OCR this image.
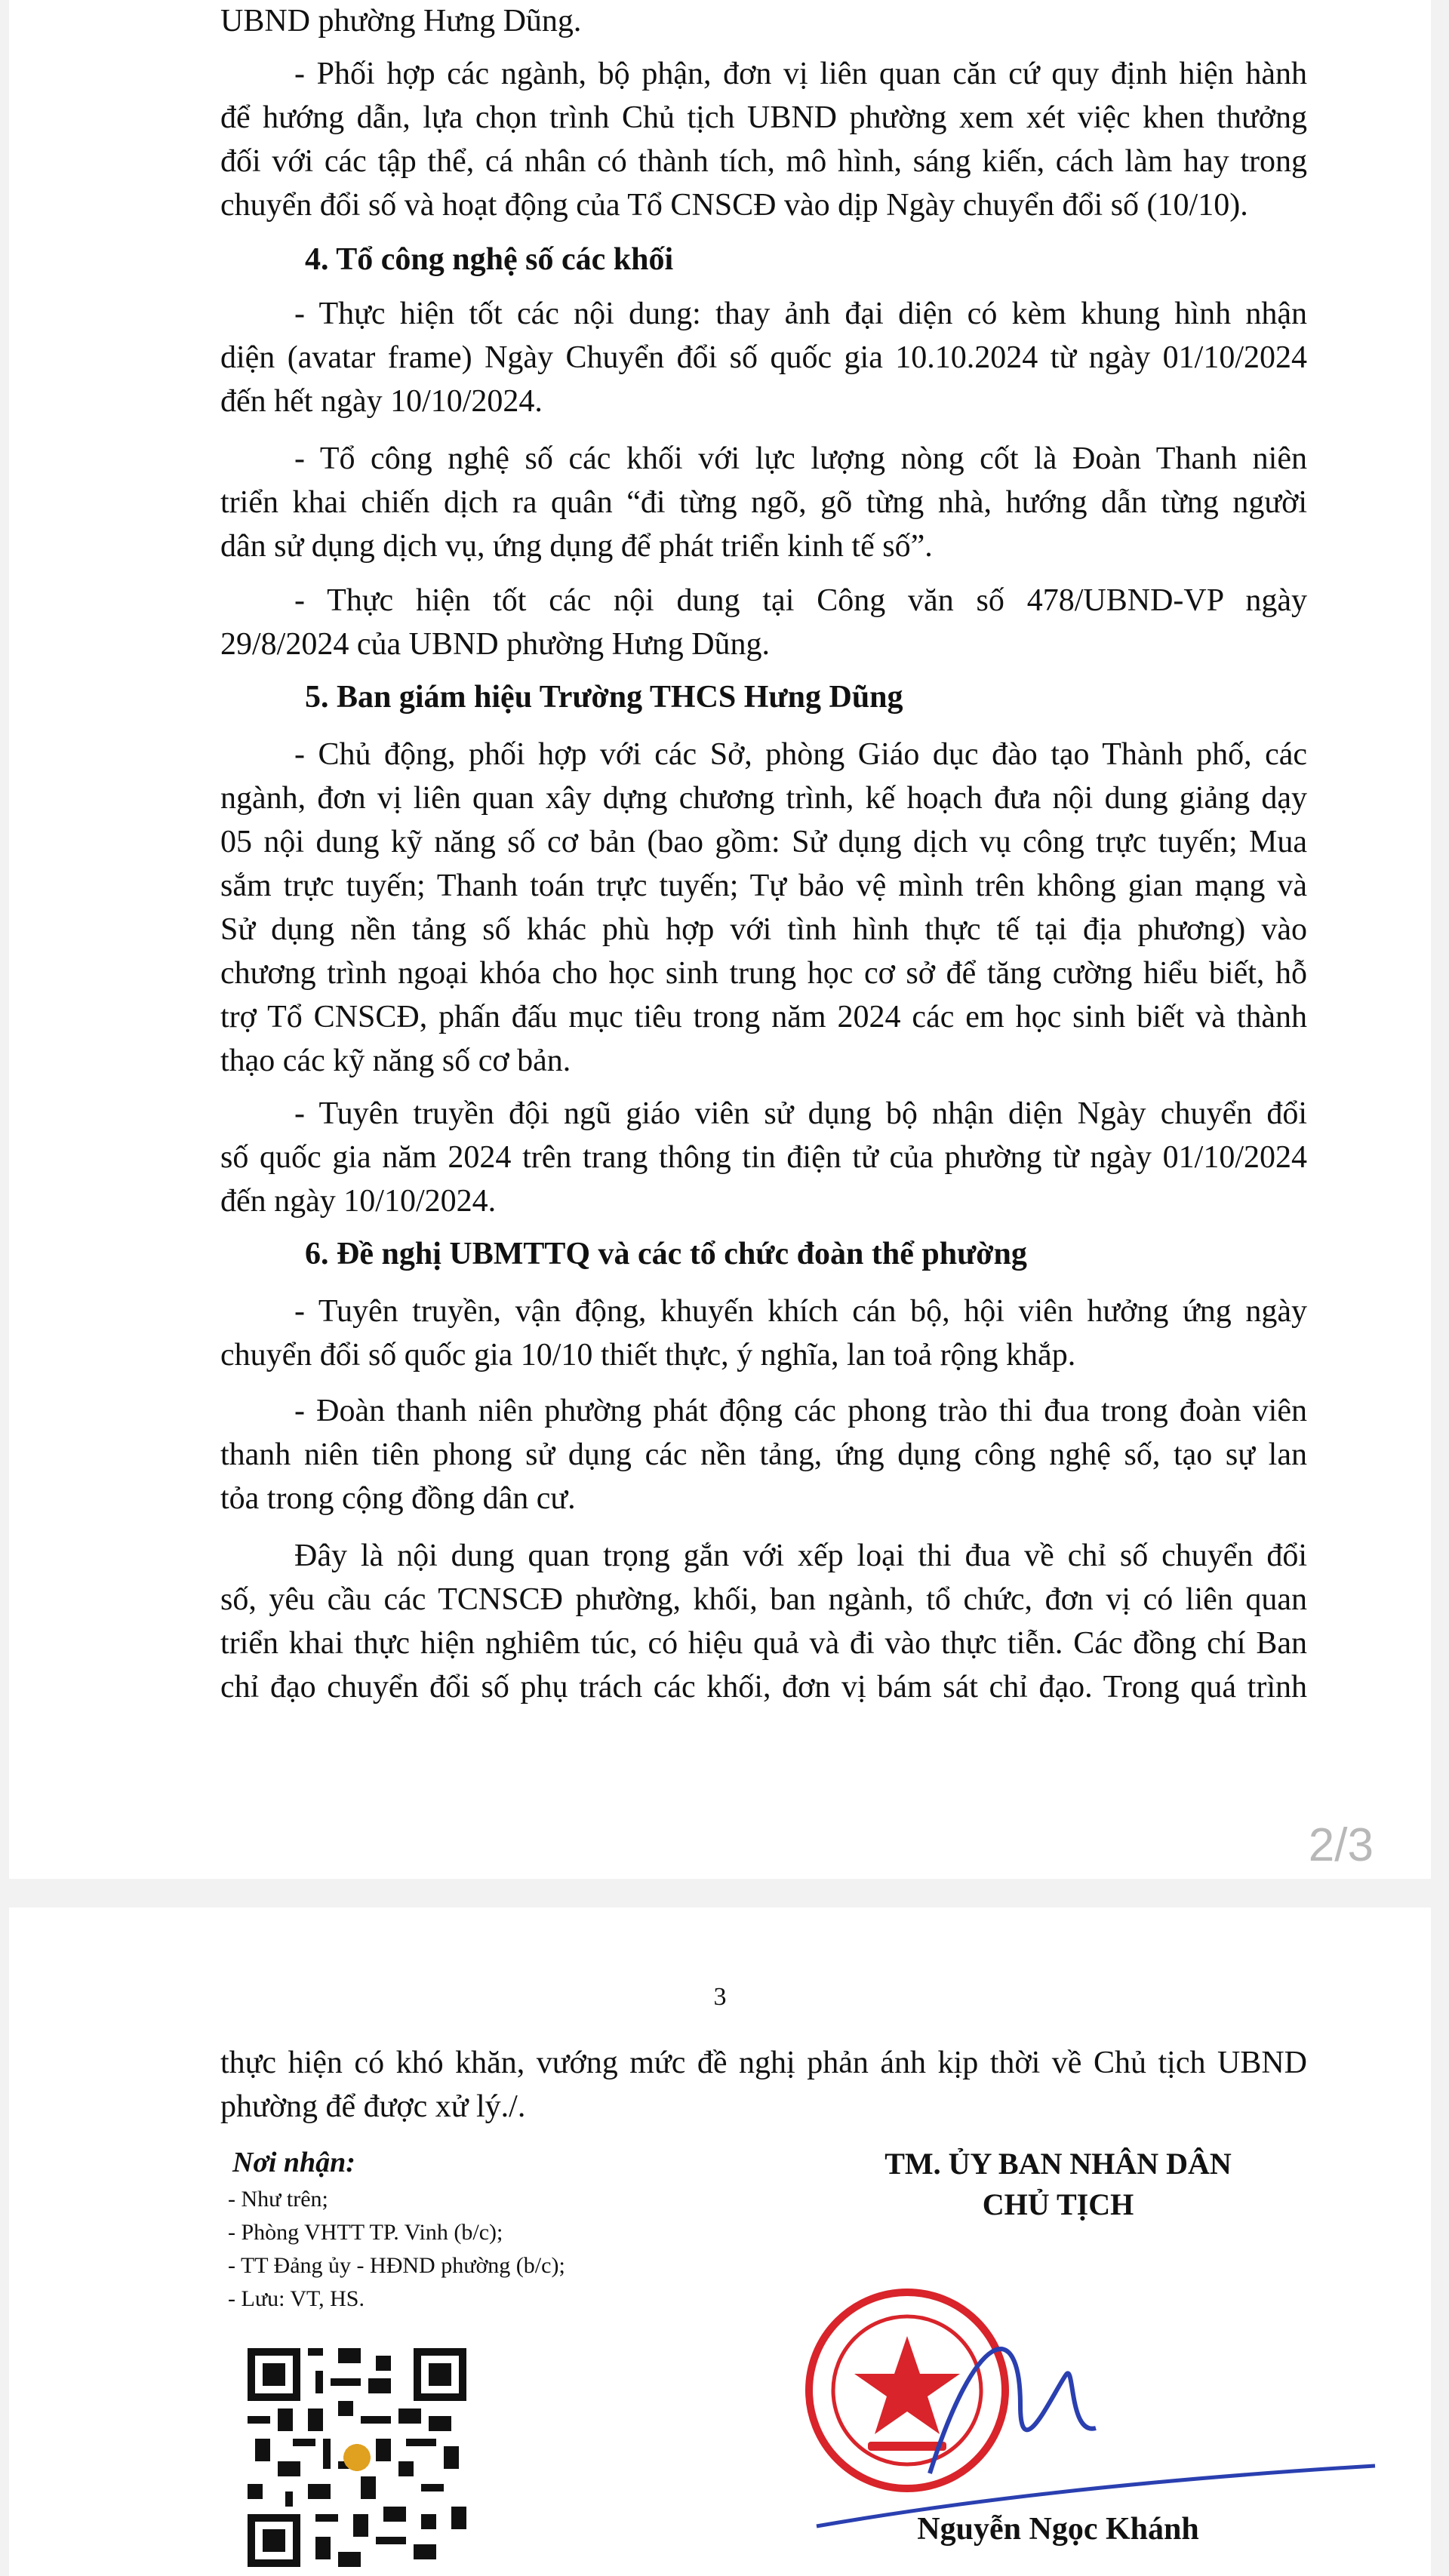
UBND phường Hưng Dũng.
- Phối hợp các ngành, bộ phận, đơn vị liên quan căn cứ quy định hiện hành
để hướng dẫn, lựa chọn trình Chủ tịch UBND phường xem xét việc khen thưởng
đối với các tập thể, cá nhân có thành tích, mô hình, sáng kiến, cách làm hay trong
chuyển đổi số và hoạt động của Tổ CNSCĐ vào dịp Ngày chuyển đổi số (10/10).
4. Tổ công nghệ số các khối
- Thực hiện tốt các nội dung: thay ảnh đại diện có kèm khung hình nhận
diện (avatar frame) Ngày Chuyển đổi số quốc gia 10.10.2024 từ ngày 01/10/2024
đến hết ngày 10/10/2024.
- Tổ công nghệ số các khối với lực lượng nòng cốt là Đoàn Thanh niên
triển khai chiến dịch ra quân “đi từng ngõ, gõ từng nhà, hướng dẫn từng người
dân sử dụng dịch vụ, ứng dụng để phát triển kinh tế số”.
- Thực hiện tốt các nội dung tại Công văn số 478/UBND-VP ngày
29/8/2024 của UBND phường Hưng Dũng.
5. Ban giám hiệu Trường THCS Hưng Dũng
- Chủ động, phối hợp với các Sở, phòng Giáo dục đào tạo Thành phố, các
ngành, đơn vị liên quan xây dựng chương trình, kế hoạch đưa nội dung giảng dạy
05 nội dung kỹ năng số cơ bản (bao gồm: Sử dụng dịch vụ công trực tuyến; Mua
sắm trực tuyến; Thanh toán trực tuyến; Tự bảo vệ mình trên không gian mạng và
Sử dụng nền tảng số khác phù hợp với tình hình thực tế tại địa phương) vào
chương trình ngoại khóa cho học sinh trung học cơ sở để tăng cường hiểu biết, hỗ
trợ Tổ CNSCĐ, phấn đấu mục tiêu trong năm 2024 các em học sinh biết và thành
thạo các kỹ năng số cơ bản.
- Tuyên truyền đội ngũ giáo viên sử dụng bộ nhận diện Ngày chuyển đổi
số quốc gia năm 2024 trên trang thông tin điện tử của phường từ ngày 01/10/2024
đến ngày 10/10/2024.
6. Đề nghị UBMTTQ và các tổ chức đoàn thể phường
- Tuyên truyền, vận động, khuyến khích cán bộ, hội viên hưởng ứng ngày
chuyển đổi số quốc gia 10/10 thiết thực, ý nghĩa, lan toả rộng khắp.
- Đoàn thanh niên phường phát động các phong trào thi đua trong đoàn viên
thanh niên tiên phong sử dụng các nền tảng, ứng dụng công nghệ số, tạo sự lan
tỏa trong cộng đồng dân cư.
Đây là nội dung quan trọng gắn với xếp loại thi đua về chỉ số chuyển đổi
số, yêu cầu các TCNSCĐ phường, khối, ban ngành, tổ chức, đơn vị có liên quan
triển khai thực hiện nghiêm túc, có hiệu quả và đi vào thực tiễn. Các đồng chí Ban
chỉ đạo chuyển đổi số phụ trách các khối, đơn vị bám sát chỉ đạo. Trong quá trình
2/3
3
thực hiện có khó khăn, vướng mức đề nghị phản ánh kịp thời về Chủ tịch UBND
phường để được xử lý./.
Nơi nhận:
- Như trên;
- Phòng VHTT TP. Vinh (b/c);
- TT Đảng ủy - HĐND phường (b/c);
- Lưu: VT, HS.
TM. ỦY BAN NHÂN DÂN
CHỦ TỊCH
Nguyễn Ngọc Khánh
